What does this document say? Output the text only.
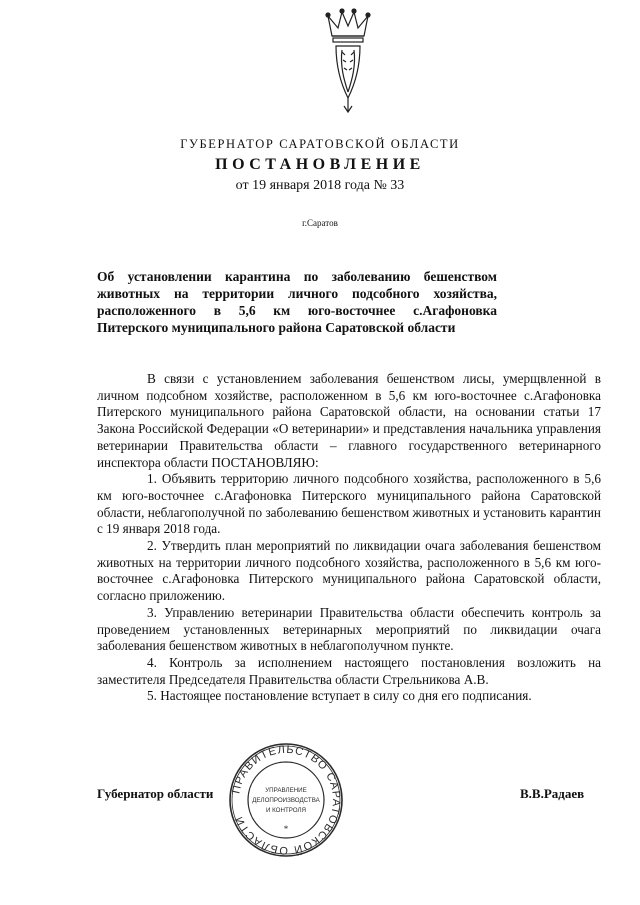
ГУБЕРНАТОР САРАТОВСКОЙ ОБЛАСТИ
ПОСТАНОВЛЕНИЕ
от 19 января 2018 года № 33
г.Саратов
Об установлении карантина по заболеванию бешенством
животных на территории личного подсобного хозяйства,
расположенного в 5,6 км юго-восточнее с.Агафоновка
Питерского муниципального района Саратовской области

В связи с установлением заболевания бешенством лисы, умерщвленной в личном подсобном хозяйстве, расположенном в 5,6 км юго-восточнее с.Агафоновка Питерского муниципального района Саратовской области, на основании статьи 17 Закона Российской Федерации «О ветеринарии» и представления начальника управления ветеринарии Правительства области – главного государственного ветеринарного инспектора области ПОСТАНОВЛЯЮ:

1. Объявить территорию личного подсобного хозяйства, расположенного в 5,6 км юго-восточнее с.Агафоновка Питерского муниципального района Саратовской области, неблагополучной по заболеванию бешенством животных и установить карантин с 19 января 2018 года.

2. Утвердить план мероприятий по ликвидации очага заболевания бешенством животных на территории личного подсобного хозяйства, расположенного в 5,6 км юго-восточнее с.Агафоновка Питерского муниципального района Саратовской области, согласно приложению.

3. Управлению ветеринарии Правительства области обеспечить контроль за проведением установленных ветеринарных мероприятий по ликвидации очага заболевания бешенством животных в неблагополучном пункте.

4. Контроль за исполнением настоящего постановления возложить на заместителя Председателя Правительства области Стрельникова А.В.

5. Настоящее постановление вступает в силу со дня его подписания.

ПРАВИТЕЛЬСТВО САРАТОВСКОЙ ОБЛАСТИ
УПРАВЛЕНИЕ
ДЕЛОПРОИЗВОДСТВА
И КОНТРОЛЯ
*
Губернатор области	В.В.Радаев
